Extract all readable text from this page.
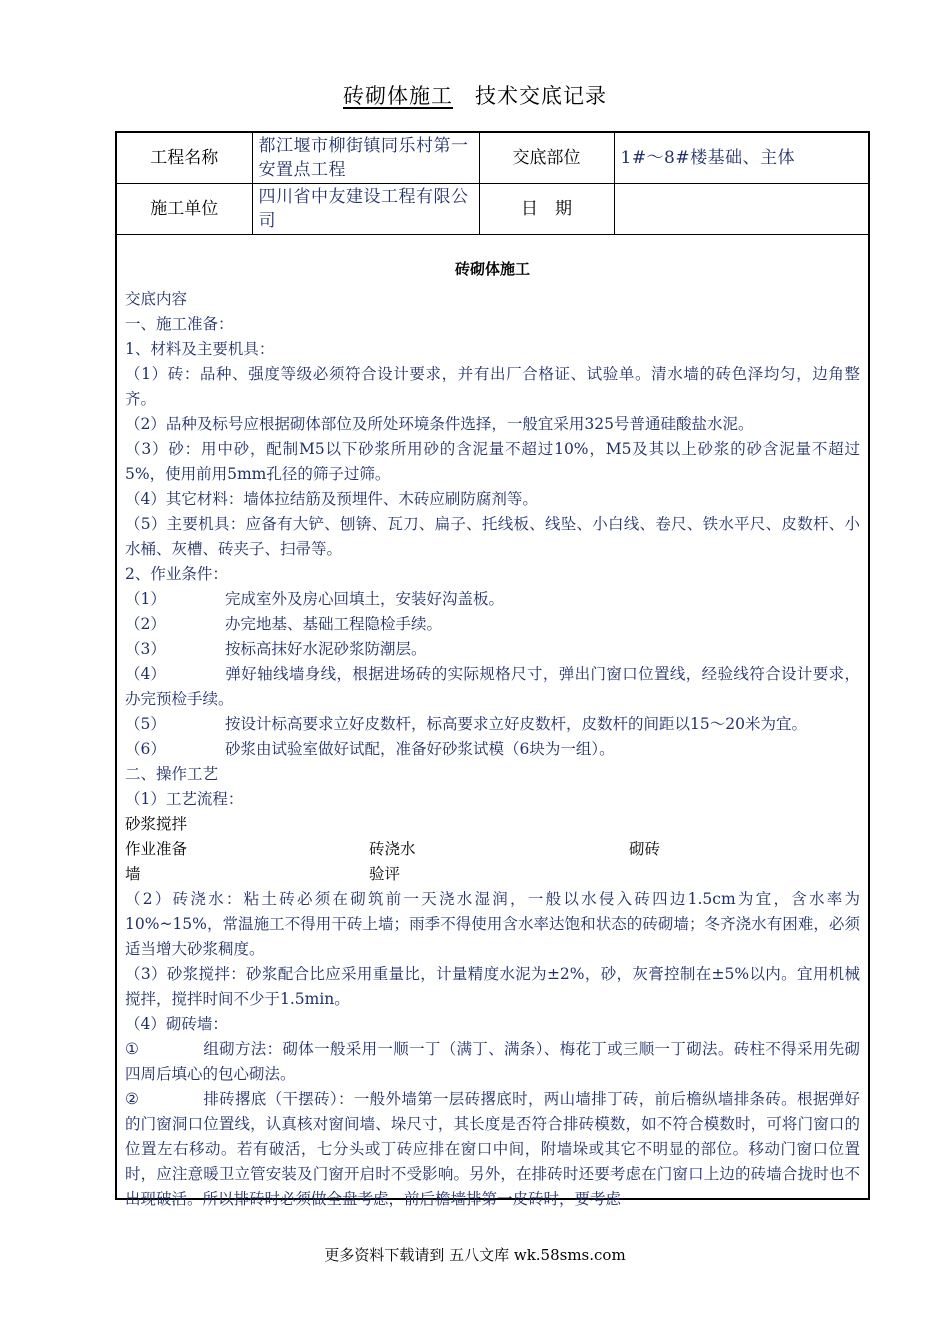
砖砌体施工 技术交底记录
工程名称	都江堰市柳街镇同乐村第一安置点工程	交底部位	1#～8#楼基础、主体
施工单位	四川省中友建设工程有限公司	日　期	
砖砌体施工

交底内容

一、施工准备：

1、材料及主要机具：

（1）砖：品种、强度等级必须符合设计要求，并有出厂合格证、试验单。清水墙的砖色泽均匀，边角整齐。

（2）品种及标号应根据砌体部位及所处环境条件选择，一般宜采用325号普通硅酸盐水泥。

（3）砂：用中砂，配制M5以下砂浆所用砂的含泥量不超过10%，M5及其以上砂浆的砂含泥量不超过5%，使用前用5mm孔径的筛子过筛。

（4）其它材料：墙体拉结筋及预埋件、木砖应刷防腐剂等。

（5）主要机具：应备有大铲、刨锛、瓦刀、扁子、托线板、线坠、小白线、卷尺、铁水平尺、皮数杆、小水桶、灰槽、砖夹子、扫帚等。

2、作业条件：

（1）	完成室外及房心回填土，安装好沟盖板。

（2）	办完地基、基础工程隐检手续。

（3）	按标高抹好水泥砂浆防潮层。

（4）	弹好轴线墙身线，根据进场砖的实际规格尺寸，弹出门窗口位置线，经验线符合设计要求，办完预检手续。

（5）	按设计标高要求立好皮数杆，标高要求立好皮数杆，皮数杆的间距以15～20米为宜。

（6）	砂浆由试验室做好试配，准备好砂浆试模（6块为一组）。

二、操作工艺

（1）工艺流程：

砂浆搅拌

作业准备
墙
砖浇水
验评
砌砖

（2）砖浇水：粘土砖必须在砌筑前一天浇水湿润，一般以水侵入砖四边1.5cm为宜，含水率为10%~15%，常温施工不得用干砖上墙；雨季不得使用含水率达饱和状态的砖砌墙；冬齐浇水有困难，必须适当增大砂浆稠度。

（3）砂浆搅拌：砂浆配合比应采用重量比，计量精度水泥为±2%，砂，灰膏控制在±5%以内。宜用机械搅拌，搅拌时间不少于1.5min。

（4）砌砖墙：

①	组砌方法：砌体一般采用一顺一丁（满丁、满条）、梅花丁或三顺一丁砌法。砖柱不得采用先砌四周后填心的包心砌法。

②	排砖撂底（干摆砖）：一般外墙第一层砖撂底时，两山墙排丁砖，前后檐纵墙排条砖。根据弹好的门窗洞口位置线，认真核对窗间墙、垛尺寸，其长度是否符合排砖模数，如不符合模数时，可将门窗口的位置左右移动。若有破活，七分头或丁砖应排在窗口中间，附墙垛或其它不明显的部位。移动门窗口位置时，应注意暖卫立管安装及门窗开启时不受影响。另外，在排砖时还要考虑在门窗口上边的砖墙合拢时也不出现破活。所以排砖时必须做全盘考虑，前后檐墙排第一皮砖时，要考虑

更多资料下载请到 五八文库 wk.58sms.com
